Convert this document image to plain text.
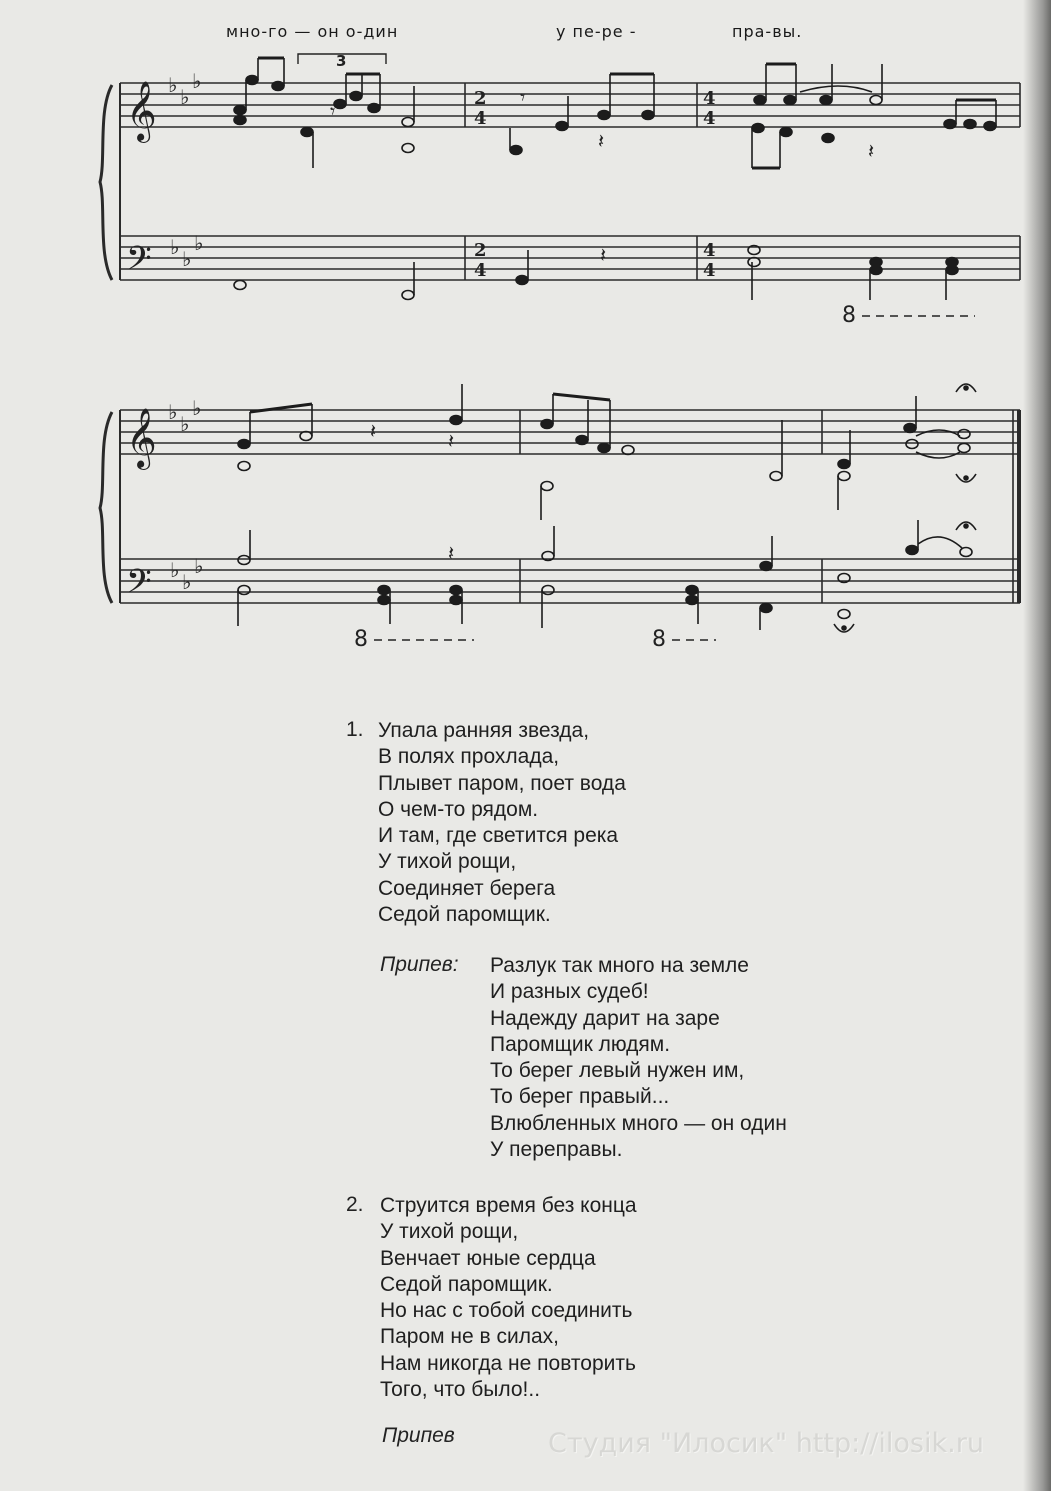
мно-го — он о-дин	у пе-ре -	пра-вы.
𝄞
𝄢
𝄞
𝄢
♭ ♭
♭
♭ ♭
♭
♭ ♭
♭
♭ ♭
♭
2
4
2
4
4
4
4
4
𝄾
𝄾
𝄽
𝄽	𝄽
𝄽	𝄽
𝄽
3
8
8	8
1. Упала ранняя звезда,
В полях прохлада,
Плывет паром, поет вода
О чем-то рядом.
И там, где светится река
У тихой рощи,
Соединяет берега
Седой паромщик.
Припев: Разлук так много на земле
И разных судеб!
Надежду дарит на заре
Паромщик людям.
То берег левый нужен им,
То берег правый...
Влюбленных много — он один
У переправы.
2. Струится время без конца
У тихой рощи,
Венчает юные сердца
Седой паромщик.
Но нас с тобой соединить
Паром не в силах,
Нам никогда не повторить
Того, что было!..
Припев	Студия "Илосик" http://ilosik.ru
